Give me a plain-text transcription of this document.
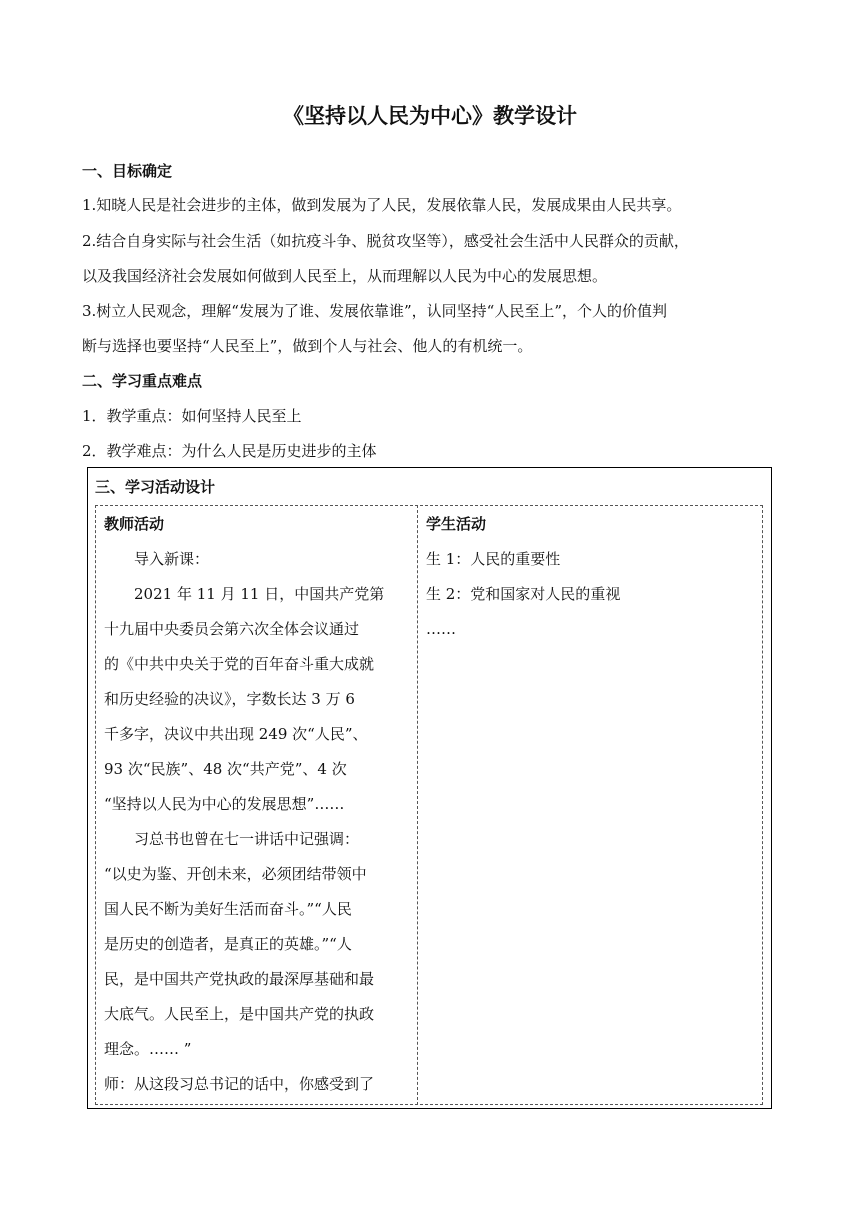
《坚持以人民为中心》教学设计
一、目标确定
1.知晓人民是社会进步的主体，做到发展为了人民，发展依靠人民，发展成果由人民共享。
2.结合自身实际与社会生活（如抗疫斗争、脱贫攻坚等），感受社会生活中人民群众的贡献，
以及我国经济社会发展如何做到人民至上，从而理解以人民为中心的发展思想。
3.树立人民观念，理解“发展为了谁、发展依靠谁”，认同坚持“人民至上”，个人的价值判
断与选择也要坚持“人民至上”，做到个人与社会、他人的有机统一。
二、学习重点难点
1．教学重点：如何坚持人民至上
2．教学难点：为什么人民是历史进步的主体
三、学习活动设计
教师活动	学生活动
　　导入新课：
　　2021 年 11 月 11 日，中国共产党第
十九届中央委员会第六次全体会议通过
的《中共中央关于党的百年奋斗重大成就
和历史经验的决议》，字数长达 3 万 6
千多字，决议中共出现 249 次“人民”、
93 次“民族”、48 次“共产党”、4 次
“坚持以人民为中心的发展思想”……
　　习总书也曾在七一讲话中记强调：
“以史为鉴、开创未来，必须团结带领中
国人民不断为美好生活而奋斗。”“人民
是历史的创造者，是真正的英雄。”“人
民，是中国共产党执政的最深厚基础和最
大底气。人民至上，是中国共产党的执政
理念。…… ”
师：从这段习总书记的话中，你感受到了
生 1：人民的重要性
生 2：党和国家对人民的重视
……
